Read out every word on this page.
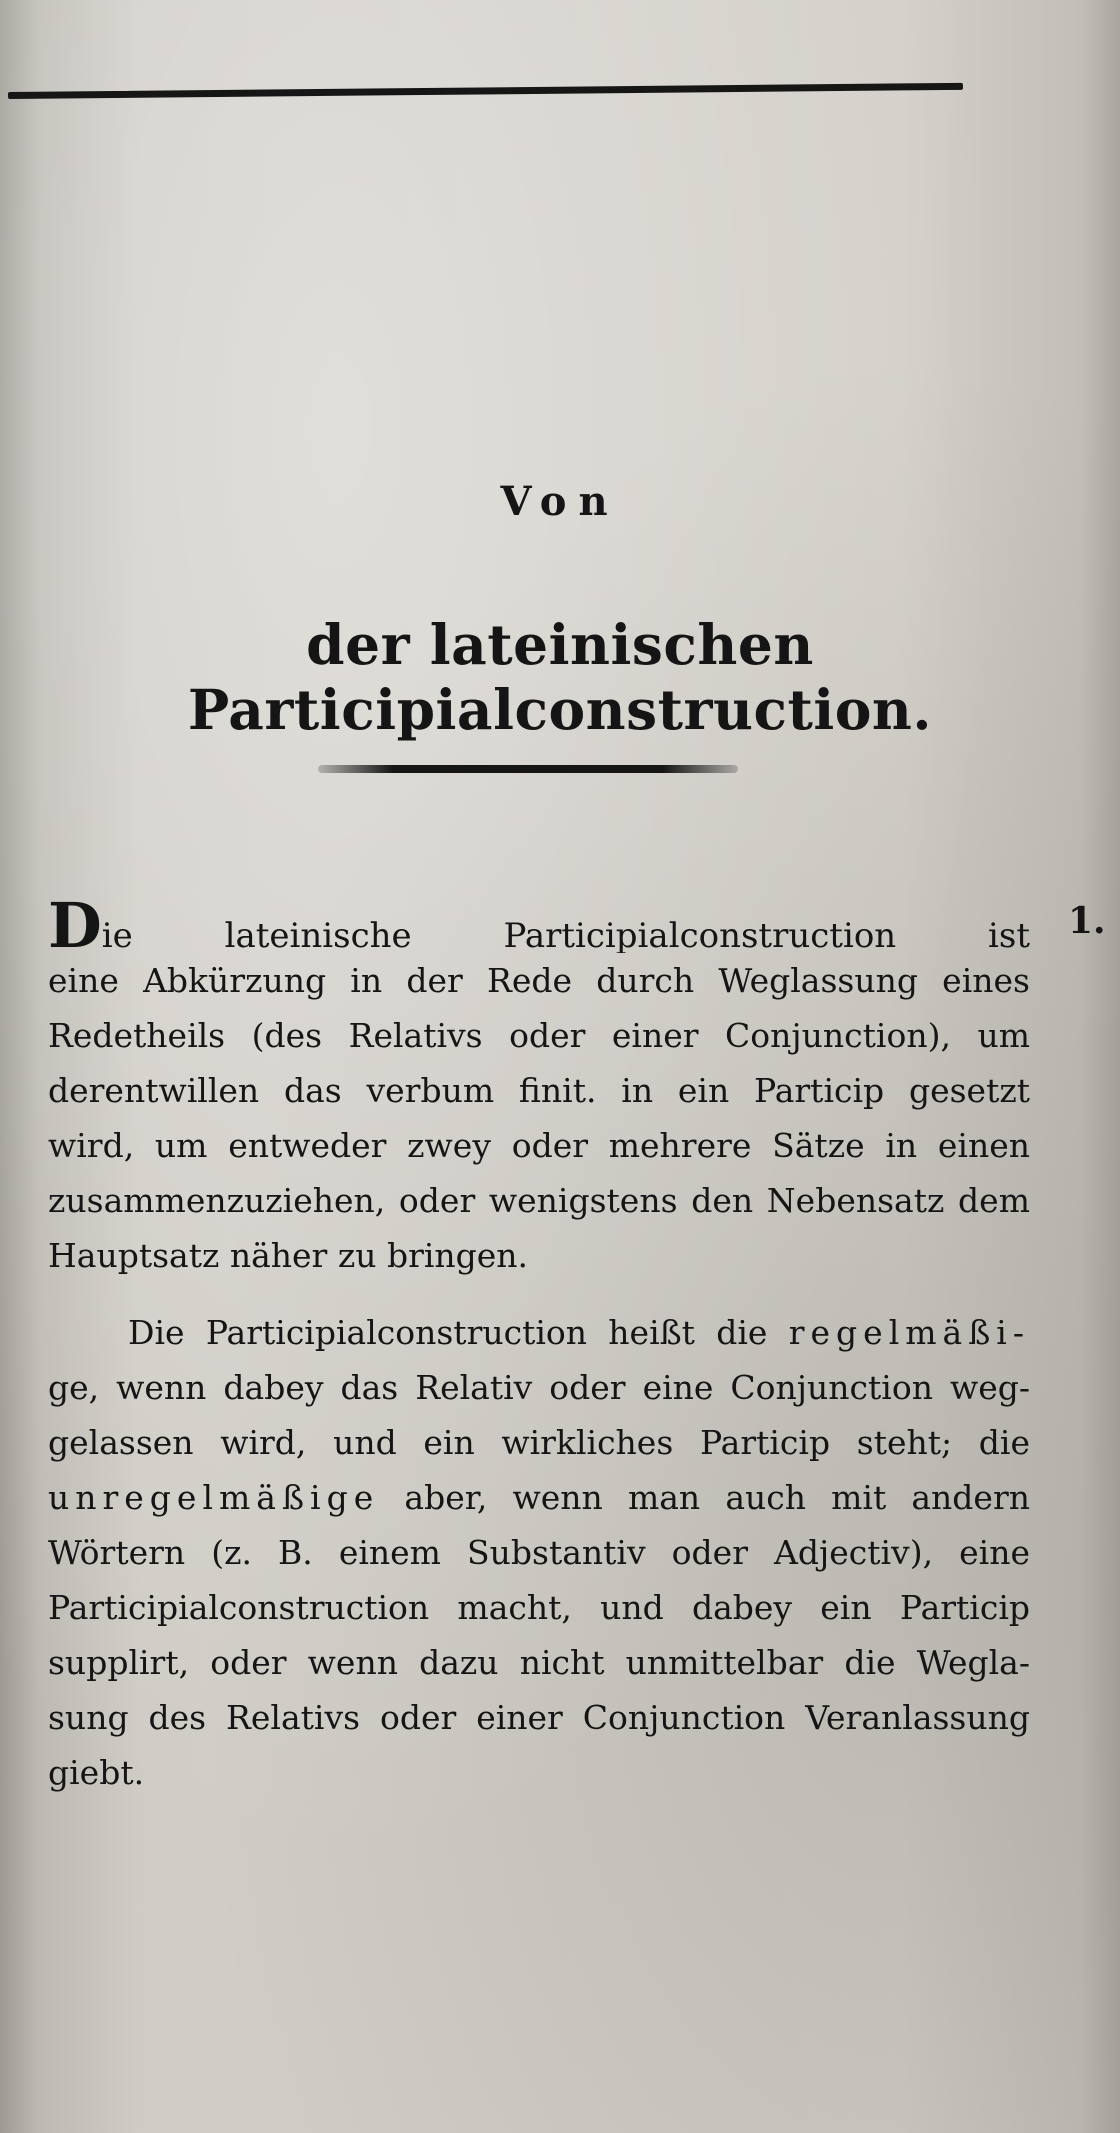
Von
der lateinischen Participialconstruction.
1.
Die lateinische Participialconstruction ist
eine Abkürzung in der Rede durch Weglassung eines
Redetheils (des Relativs oder einer Conjunction), um
derentwillen das verbum finit. in ein Particip gesetzt
wird, um entweder zwey oder mehrere Sätze in einen
zusammenzuziehen, oder wenigstens den Nebensatz dem
Hauptsatz näher zu bringen.
Die Participialconstruction heißt die regelmäßi-
ge, wenn dabey das Relativ oder eine Conjunction weg-
gelassen wird, und ein wirkliches Particip steht; die
unregelmäßige aber, wenn man auch mit andern
Wörtern (z. B. einem Substantiv oder Adjectiv), eine
Participialconstruction macht, und dabey ein Particip
supplirt, oder wenn dazu nicht unmittelbar die Wegla-
sung des Relativs oder einer Conjunction Veranlassung
giebt.
